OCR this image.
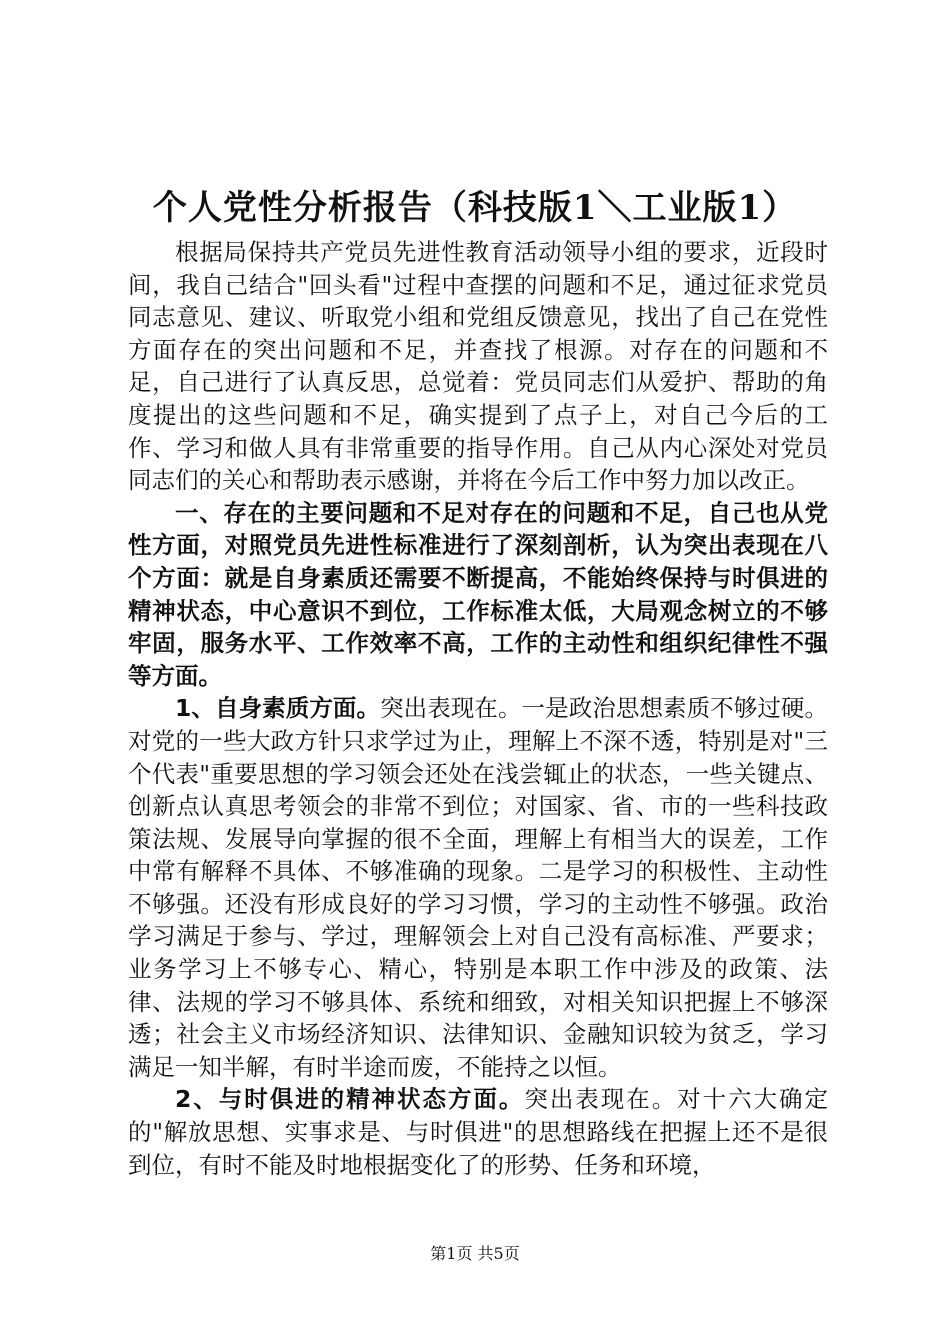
个人党性分析报告（科技版1＼工业版1）

根据局保持共产党员先进性教育活动领导小组的要求，近段时间，我自己结合"回头看"过程中查摆的问题和不足，通过征求党员同志意见、建议、听取党小组和党组反馈意见，找出了自己在党性方面存在的突出问题和不足，并查找了根源。对存在的问题和不足，自己进行了认真反思，总觉着：党员同志们从爱护、帮助的角度提出的这些问题和不足，确实提到了点子上，对自己今后的工作、学习和做人具有非常重要的指导作用。自己从内心深处对党员同志们的关心和帮助表示感谢，并将在今后工作中努力加以改正。

一、存在的主要问题和不足对存在的问题和不足，自己也从党性方面，对照党员先进性标准进行了深刻剖析，认为突出表现在八个方面：就是自身素质还需要不断提高，不能始终保持与时俱进的精神状态，中心意识不到位，工作标准太低，大局观念树立的不够牢固，服务水平、工作效率不高，工作的主动性和组织纪律性不强等方面。

1、自身素质方面。突出表现在。一是政治思想素质不够过硬。对党的一些大政方针只求学过为止，理解上不深不透，特别是对"三个代表"重要思想的学习领会还处在浅尝辄止的状态，一些关键点、创新点认真思考领会的非常不到位；对国家、省、市的一些科技政策法规、发展导向掌握的很不全面，理解上有相当大的误差，工作中常有解释不具体、不够准确的现象。二是学习的积极性、主动性不够强。还没有形成良好的学习习惯，学习的主动性不够强。政治学习满足于参与、学过，理解领会上对自己没有高标准、严要求；业务学习上不够专心、精心，特别是本职工作中涉及的政策、法律、法规的学习不够具体、系统和细致，对相关知识把握上不够深透；社会主义市场经济知识、法律知识、金融知识较为贫乏，学习满足一知半解，有时半途而废，不能持之以恒。

2、与时俱进的精神状态方面。突出表现在。对十六大确定的"解放思想、实事求是、与时俱进"的思想路线在把握上还不是很到位，有时不能及时地根据变化了的形势、任务和环境，

第1页 共5页
